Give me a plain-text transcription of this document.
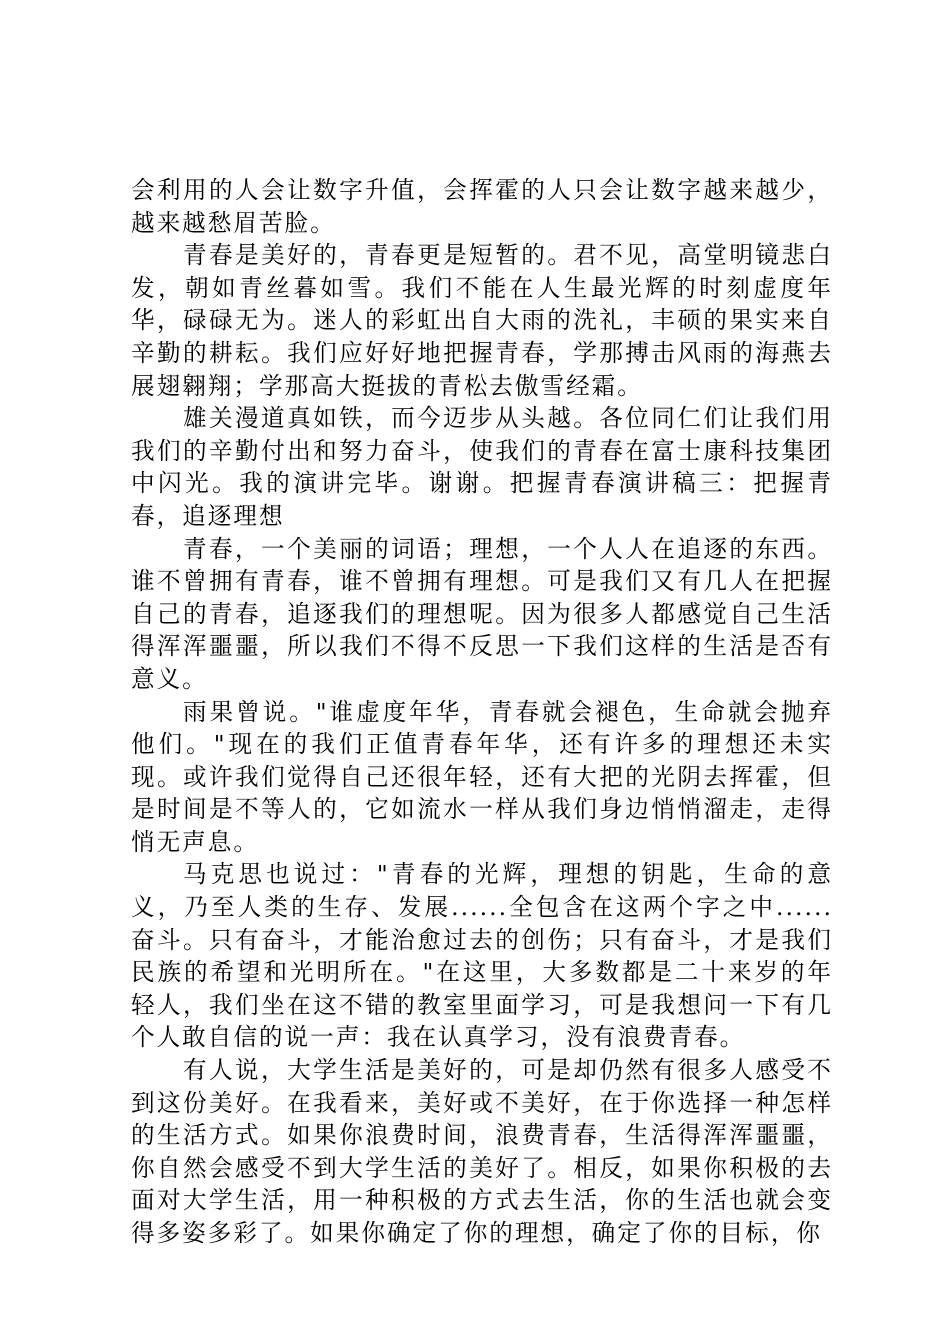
会利用的人会让数字升值，会挥霍的人只会让数字越来越少，越来越愁眉苦脸。

青春是美好的，青春更是短暂的。君不见，高堂明镜悲白发，朝如青丝暮如雪。我们不能在人生最光辉的时刻虚度年华，碌碌无为。迷人的彩虹出自大雨的洗礼，丰硕的果实来自辛勤的耕耘。我们应好好地把握青春，学那搏击风雨的海燕去展翅翱翔；学那高大挺拔的青松去傲雪经霜。

雄关漫道真如铁，而今迈步从头越。各位同仁们让我们用我们的辛勤付出和努力奋斗，使我们的青春在富士康科技集团中闪光。我的演讲完毕。谢谢。把握青春演讲稿三：把握青春，追逐理想

青春，一个美丽的词语；理想，一个人人在追逐的东西。谁不曾拥有青春，谁不曾拥有理想。可是我们又有几人在把握自己的青春，追逐我们的理想呢。因为很多人都感觉自己生活得浑浑噩噩，所以我们不得不反思一下我们这样的生活是否有意义。

雨果曾说。"谁虚度年华，青春就会褪色，生命就会抛弃他们。"现在的我们正值青春年华，还有许多的理想还未实现。或许我们觉得自己还很年轻，还有大把的光阴去挥霍，但是时间是不等人的，它如流水一样从我们身边悄悄溜走，走得悄无声息。

马克思也说过："青春的光辉，理想的钥匙，生命的意义，乃至人类的生存、发展......全包含在这两个字之中......奋斗。只有奋斗，才能治愈过去的创伤；只有奋斗，才是我们民族的希望和光明所在。"在这里，大多数都是二十来岁的年轻人，我们坐在这不错的教室里面学习，可是我想问一下有几个人敢自信的说一声：我在认真学习，没有浪费青春。

有人说，大学生活是美好的，可是却仍然有很多人感受不到这份美好。在我看来，美好或不美好，在于你选择一种怎样的生活方式。如果你浪费时间，浪费青春，生活得浑浑噩噩，你自然会感受不到大学生活的美好了。相反，如果你积极的去面对大学生活，用一种积极的方式去生活，你的生活也就会变得多姿多彩了。如果你确定了你的理想，确定了你的目标，你
